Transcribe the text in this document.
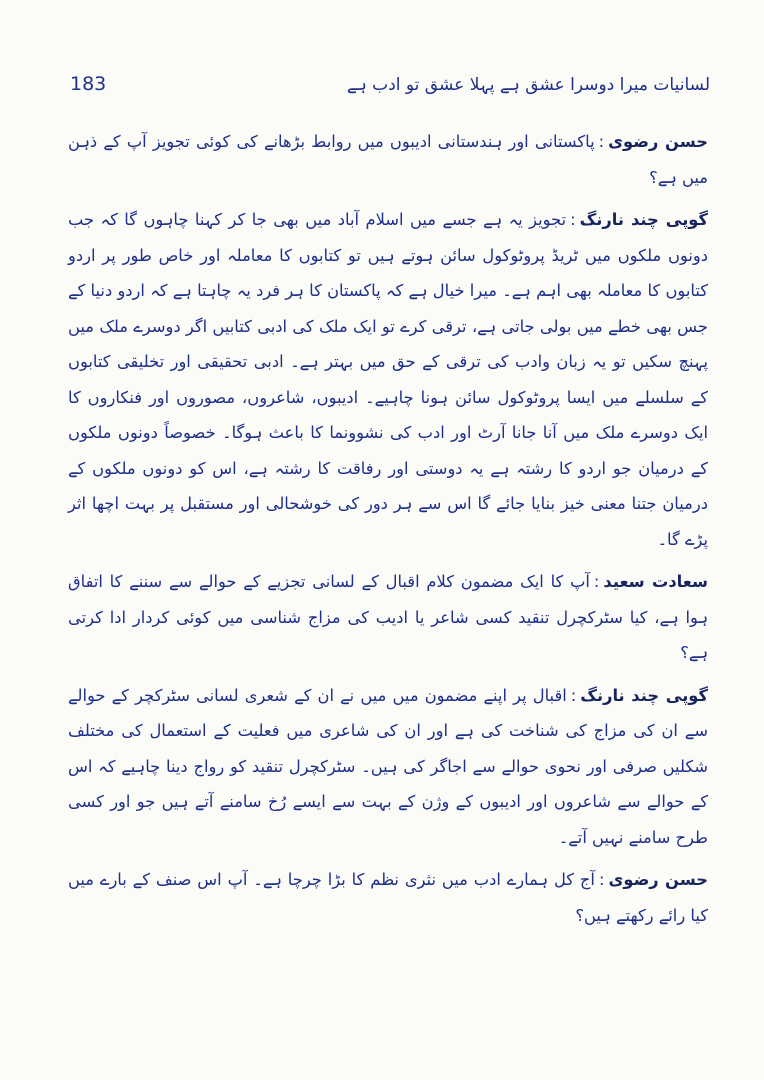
183	لسانیات میرا دوسرا عشق ہے پہلا عشق تو ادب ہے

حسن رضوی:پاکستانی اور ہندستانی ادیبوں میں روابط بڑھانے کی کوئی تجویز آپ کے ذہن میں ہے؟

گوپی چند نارنگ:تجویز یہ ہے جسے میں اسلام آباد میں بھی جا کر کہنا چاہوں گا کہ جب دونوں ملکوں میں ٹریڈ پروٹوکول سائن ہوتے ہیں تو کتابوں کا معاملہ اور خاص طور پر اردو کتابوں کا معاملہ بھی اہم ہے۔ میرا خیال ہے کہ پاکستان کا ہر فرد یہ چاہتا ہے کہ اردو دنیا کے جس بھی خطے میں بولی جاتی ہے، ترقی کرے تو ایک ملک کی ادبی کتابیں اگر دوسرے ملک میں پہنچ سکیں تو یہ زبان وادب کی ترقی کے حق میں بہتر ہے۔ ادبی تحقیقی اور تخلیقی کتابوں کے سلسلے میں ایسا پروٹوکول سائن ہونا چاہیے۔ ادیبوں، شاعروں، مصوروں اور فنکاروں کا ایک دوسرے ملک میں آنا جانا آرٹ اور ادب کی نشوونما کا باعث ہوگا۔ خصوصاً دونوں ملکوں کے درمیان جو اردو کا رشتہ ہے یہ دوستی اور رفاقت کا رشتہ ہے، اس کو دونوں ملکوں کے درمیان جتنا معنی خیز بنایا جائے گا اس سے ہر دور کی خوشحالی اور مستقبل پر بہت اچھا اثر پڑے گا۔

سعادت سعید:آپ کا ایک مضمون کلام اقبال کے لسانی تجزیے کے حوالے سے سننے کا اتفاق ہوا ہے، کیا سٹرکچرل تنقید کسی شاعر یا ادیب کی مزاج شناسی میں کوئی کردار ادا کرتی ہے؟

گوپی چند نارنگ:اقبال پر اپنے مضمون میں میں نے ان کے شعری لسانی سٹرکچر کے حوالے سے ان کی مزاج کی شناخت کی ہے اور ان کی شاعری میں فعلیت کے استعمال کی مختلف شکلیں صرفی اور نحوی حوالے سے اجاگر کی ہیں۔ سٹرکچرل تنقید کو رواج دینا چاہیے کہ اس کے حوالے سے شاعروں اور ادیبوں کے وژن کے بہت سے ایسے رُخ سامنے آتے ہیں جو اور کسی طرح سامنے نہیں آتے۔

حسن رضوی:آج کل ہمارے ادب میں نثری نظم کا بڑا چرچا ہے۔ آپ اس صنف کے بارے میں کیا رائے رکھتے ہیں؟
